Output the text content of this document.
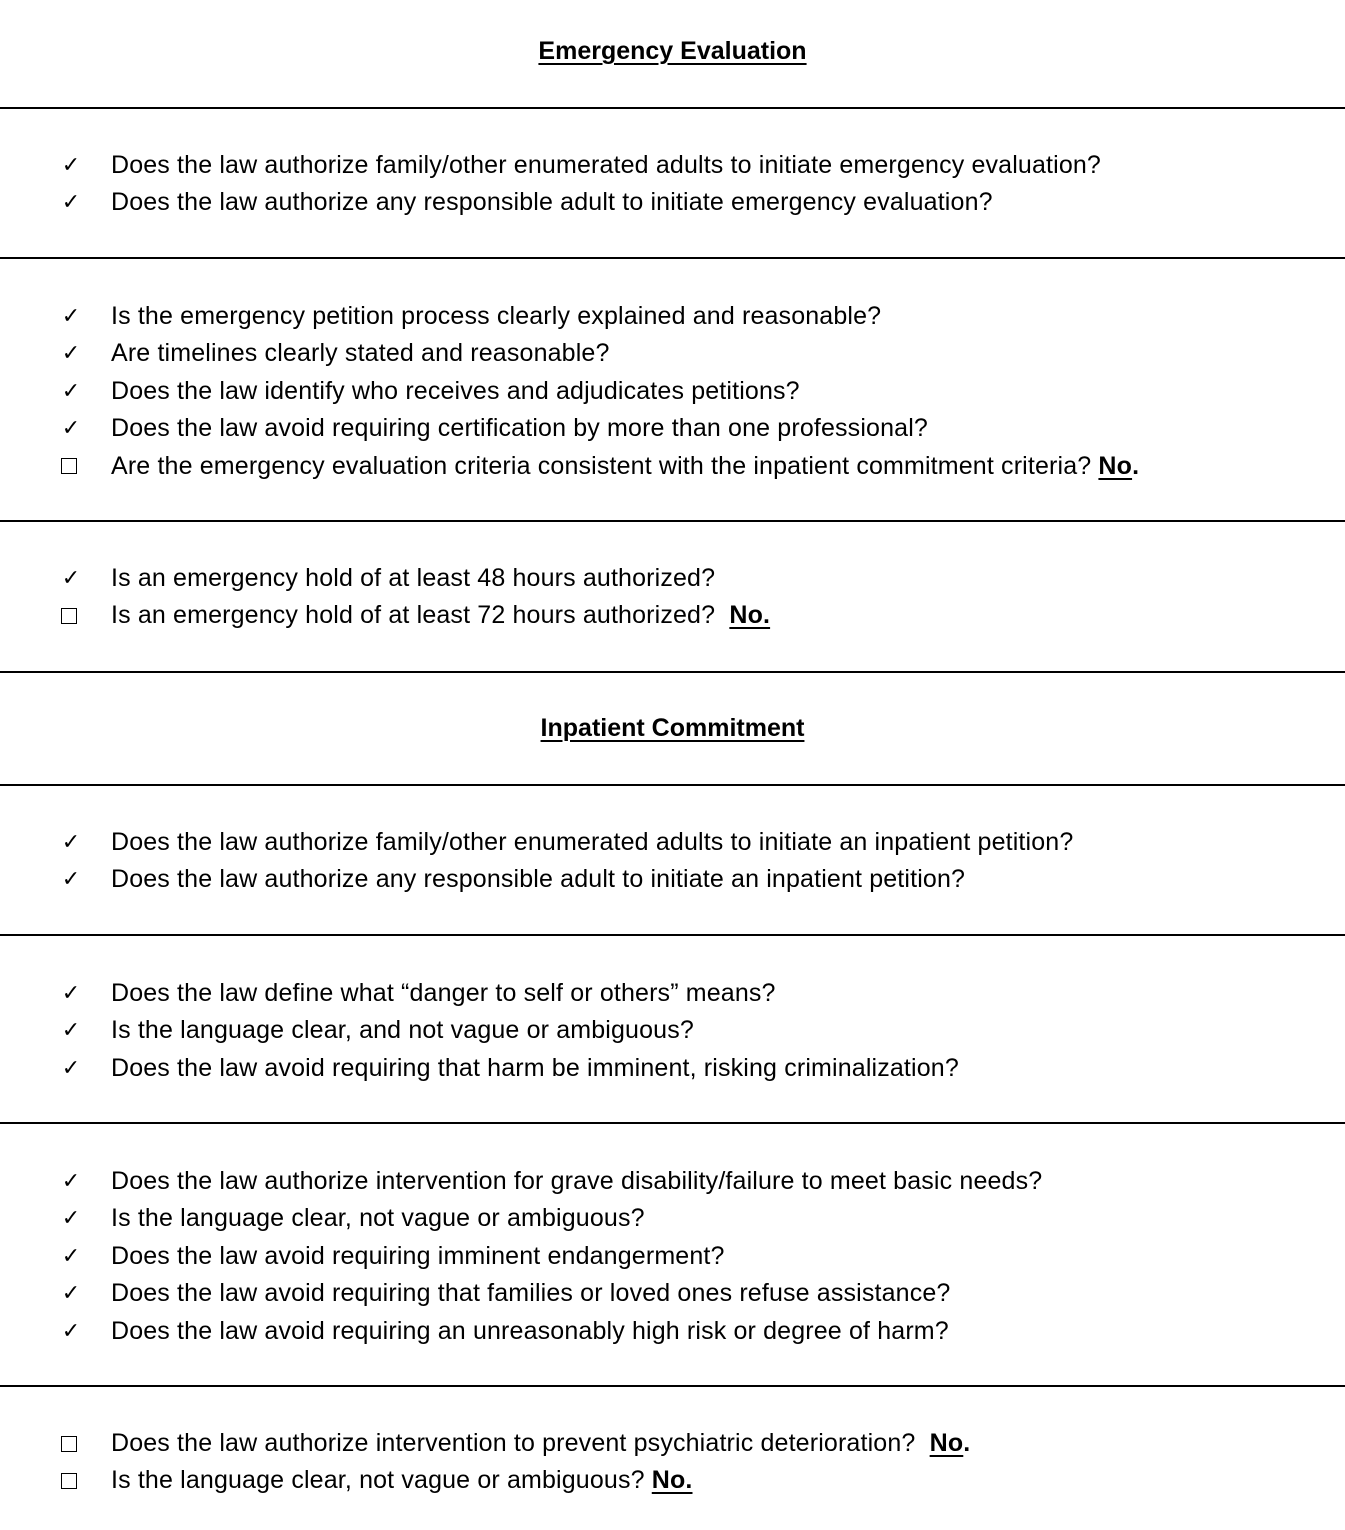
Emergency Evaluation
✓ Does the law authorize family/other enumerated adults to initiate emergency evaluation?
✓ Does the law authorize any responsible adult to initiate emergency evaluation?
✓ Is the emergency petition process clearly explained and reasonable?
✓ Are timelines clearly stated and reasonable?
✓ Does the law identify who receives and adjudicates petitions?
✓ Does the law avoid requiring certification by more than one professional?
Are the emergency evaluation criteria consistent with the inpatient commitment criteria? No.
✓ Is an emergency hold of at least 48 hours authorized?
Is an emergency hold of at least 72 hours authorized?  No.
Inpatient Commitment
✓ Does the law authorize family/other enumerated adults to initiate an inpatient petition?
✓ Does the law authorize any responsible adult to initiate an inpatient petition?
✓ Does the law define what “danger to self or others” means?
✓ Is the language clear, and not vague or ambiguous?
✓ Does the law avoid requiring that harm be imminent, risking criminalization?
✓ Does the law authorize intervention for grave disability/failure to meet basic needs?
✓ Is the language clear, not vague or ambiguous?
✓ Does the law avoid requiring imminent endangerment?
✓ Does the law avoid requiring that families or loved ones refuse assistance?
✓ Does the law avoid requiring an unreasonably high risk or degree of harm?
Does the law authorize intervention to prevent psychiatric deterioration?  No.
Is the language clear, not vague or ambiguous? No.
